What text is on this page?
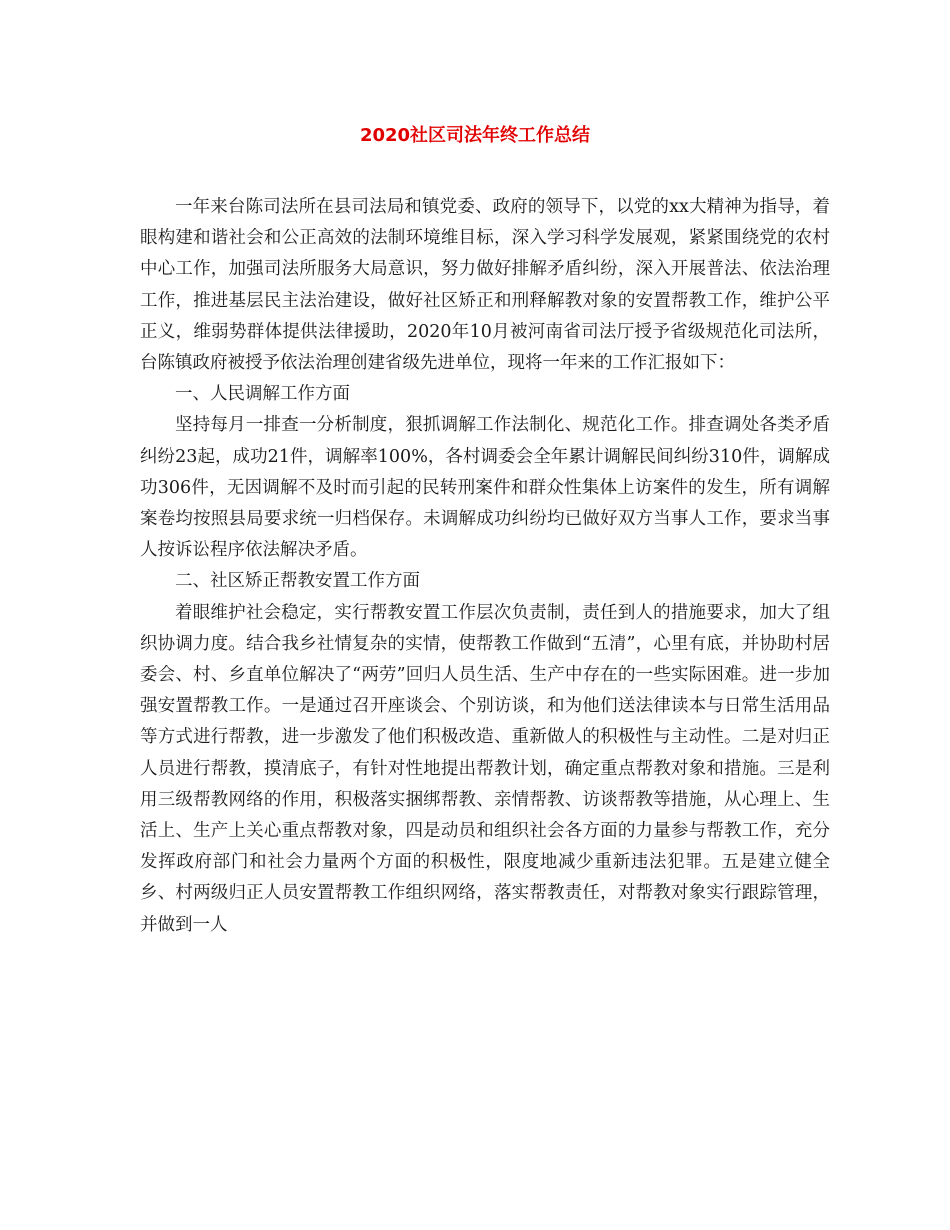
2020社区司法年终工作总结

一年来台陈司法所在县司法局和镇党委、政府的领导下，以党的xx大精神为指导，着眼构建和谐社会和公正高效的法制环境维目标，深入学习科学发展观，紧紧围绕党的农村中心工作，加强司法所服务大局意识，努力做好排解矛盾纠纷，深入开展普法、依法治理工作，推进基层民主法治建设，做好社区矫正和刑释解教对象的安置帮教工作，维护公平正义，维弱势群体提供法律援助，2020年10月被河南省司法厅授予省级规范化司法所，台陈镇政府被授予依法治理创建省级先进单位，现将一年来的工作汇报如下：

一、人民调解工作方面

坚持每月一排查一分析制度，狠抓调解工作法制化、规范化工作。排查调处各类矛盾纠纷23起，成功21件，调解率100%，各村调委会全年累计调解民间纠纷310件，调解成功306件，无因调解不及时而引起的民转刑案件和群众性集体上访案件的发生，所有调解案卷均按照县局要求统一归档保存。未调解成功纠纷均已做好双方当事人工作，要求当事人按诉讼程序依法解决矛盾。

二、社区矫正帮教安置工作方面

着眼维护社会稳定，实行帮教安置工作层次负责制，责任到人的措施要求，加大了组织协调力度。结合我乡社情复杂的实情，使帮教工作做到“五清”，心里有底，并协助村居委会、村、乡直单位解决了“两劳”回归人员生活、生产中存在的一些实际困难。进一步加强安置帮教工作。一是通过召开座谈会、个别访谈，和为他们送法律读本与日常生活用品等方式进行帮教，进一步激发了他们积极改造、重新做人的积极性与主动性。二是对归正人员进行帮教，摸清底子，有针对性地提出帮教计划，确定重点帮教对象和措施。三是利用三级帮教网络的作用，积极落实捆绑帮教、亲情帮教、访谈帮教等措施，从心理上、生活上、生产上关心重点帮教对象，四是动员和组织社会各方面的力量参与帮教工作，充分发挥政府部门和社会力量两个方面的积极性，限度地减少重新违法犯罪。五是建立健全乡、村两级归正人员安置帮教工作组织网络，落实帮教责任，对帮教对象实行跟踪管理，并做到一人
